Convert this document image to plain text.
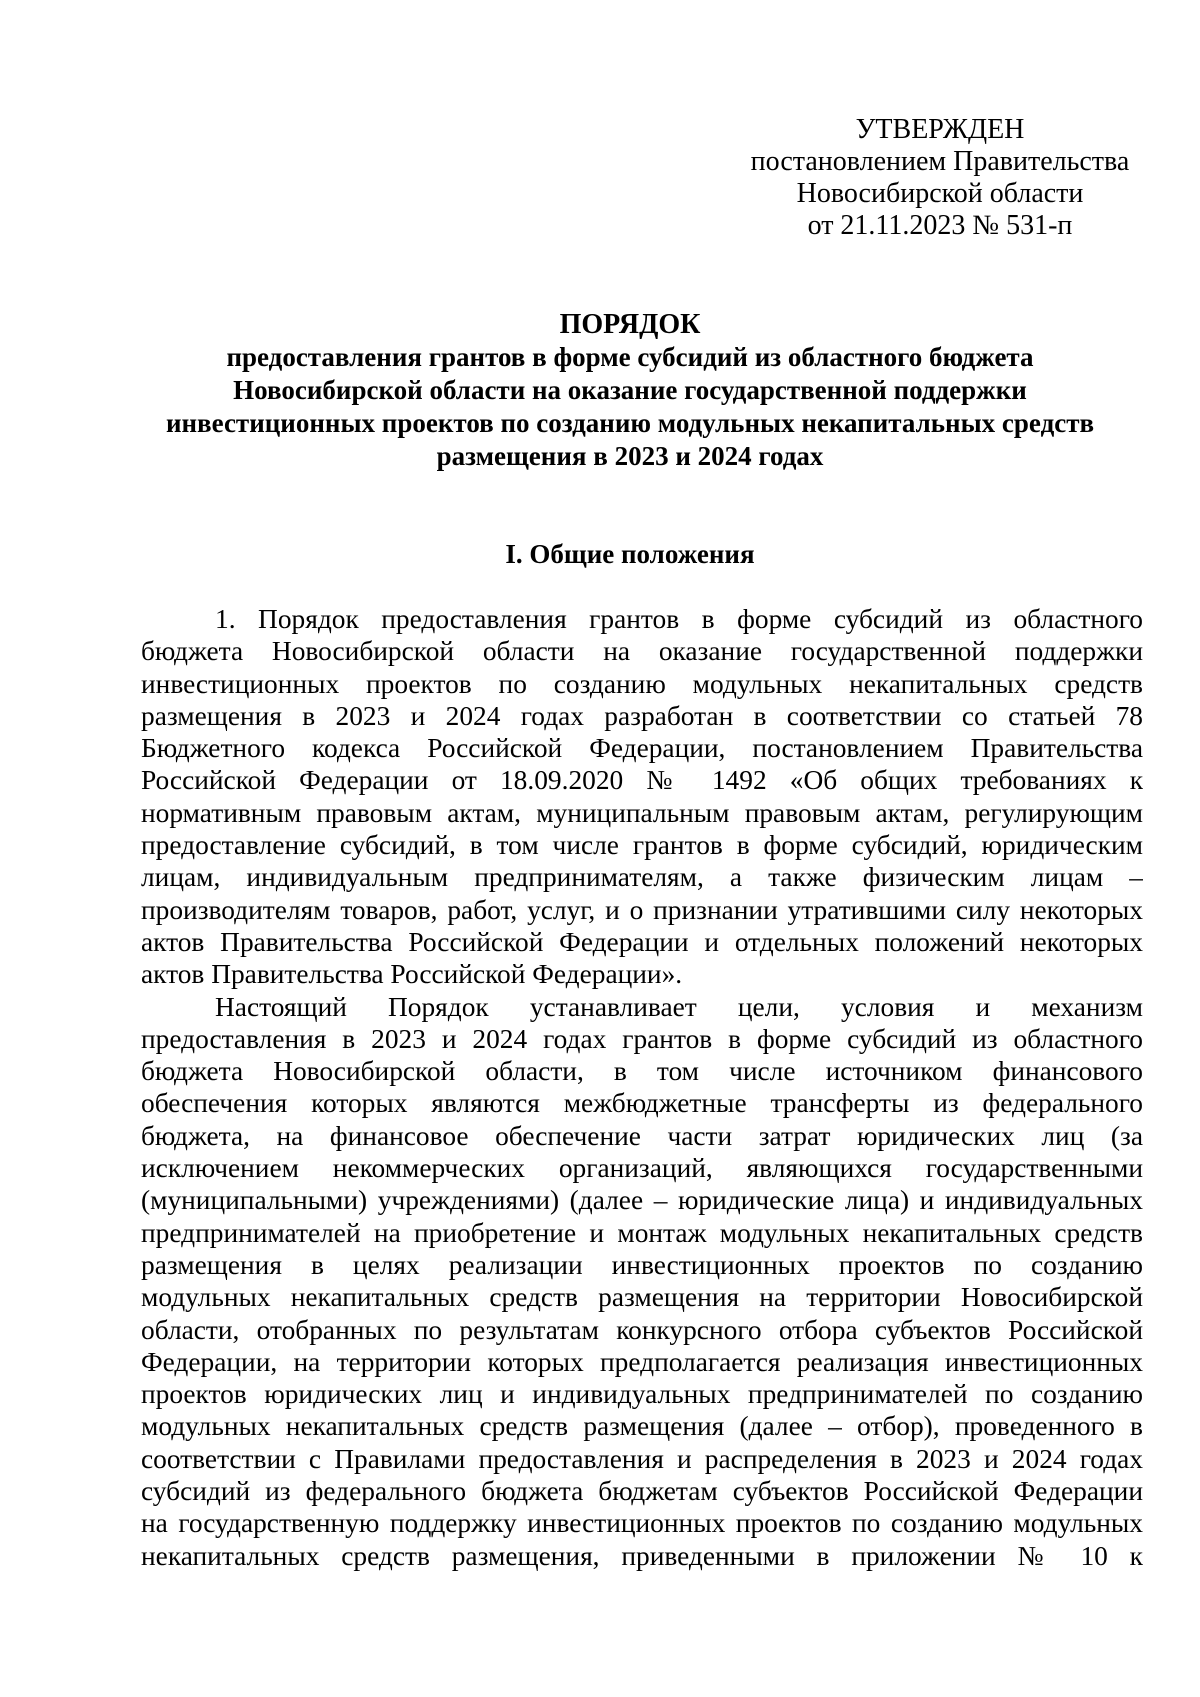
УТВЕРЖДЕН
постановлением Правительства
Новосибирской области
от 21.11.2023 № 531-п
ПОРЯДОК
предоставления грантов в форме субсидий из областного бюджета
Новосибирской области на оказание государственной поддержки
инвестиционных проектов по созданию модульных некапитальных средств
размещения в 2023 и 2024 годах
I. Общие положения
1. Порядок предоставления грантов в форме субсидий из областного
бюджета Новосибирской области на оказание государственной поддержки
инвестиционных проектов по созданию модульных некапитальных средств
размещения в 2023 и 2024 годах разработан в соответствии со статьей 78
Бюджетного кодекса Российской Федерации, постановлением Правительства
Российской Федерации от 18.09.2020 № 1492 «Об общих требованиях к
нормативным правовым актам, муниципальным правовым актам, регулирующим
предоставление субсидий, в том числе грантов в форме субсидий, юридическим
лицам, индивидуальным предпринимателям, а также физическим лицам –
производителям товаров, работ, услуг, и о признании утратившими силу некоторых
актов Правительства Российской Федерации и отдельных положений некоторых
актов Правительства Российской Федерации».
Настоящий Порядок устанавливает цели, условия и механизм
предоставления в 2023 и 2024 годах грантов в форме субсидий из областного
бюджета Новосибирской области, в том числе источником финансового
обеспечения которых являются межбюджетные трансферты из федерального
бюджета, на финансовое обеспечение части затрат юридических лиц (за
исключением некоммерческих организаций, являющихся государственными
(муниципальными) учреждениями) (далее – юридические лица) и индивидуальных
предпринимателей на приобретение и монтаж модульных некапитальных средств
размещения в целях реализации инвестиционных проектов по созданию
модульных некапитальных средств размещения на территории Новосибирской
области, отобранных по результатам конкурсного отбора субъектов Российской
Федерации, на территории которых предполагается реализация инвестиционных
проектов юридических лиц и индивидуальных предпринимателей по созданию
модульных некапитальных средств размещения (далее – отбор), проведенного в
соответствии с Правилами предоставления и распределения в 2023 и 2024 годах
субсидий из федерального бюджета бюджетам субъектов Российской Федерации
на государственную поддержку инвестиционных проектов по созданию модульных
некапитальных средств размещения, приведенными в приложении № 10 к
